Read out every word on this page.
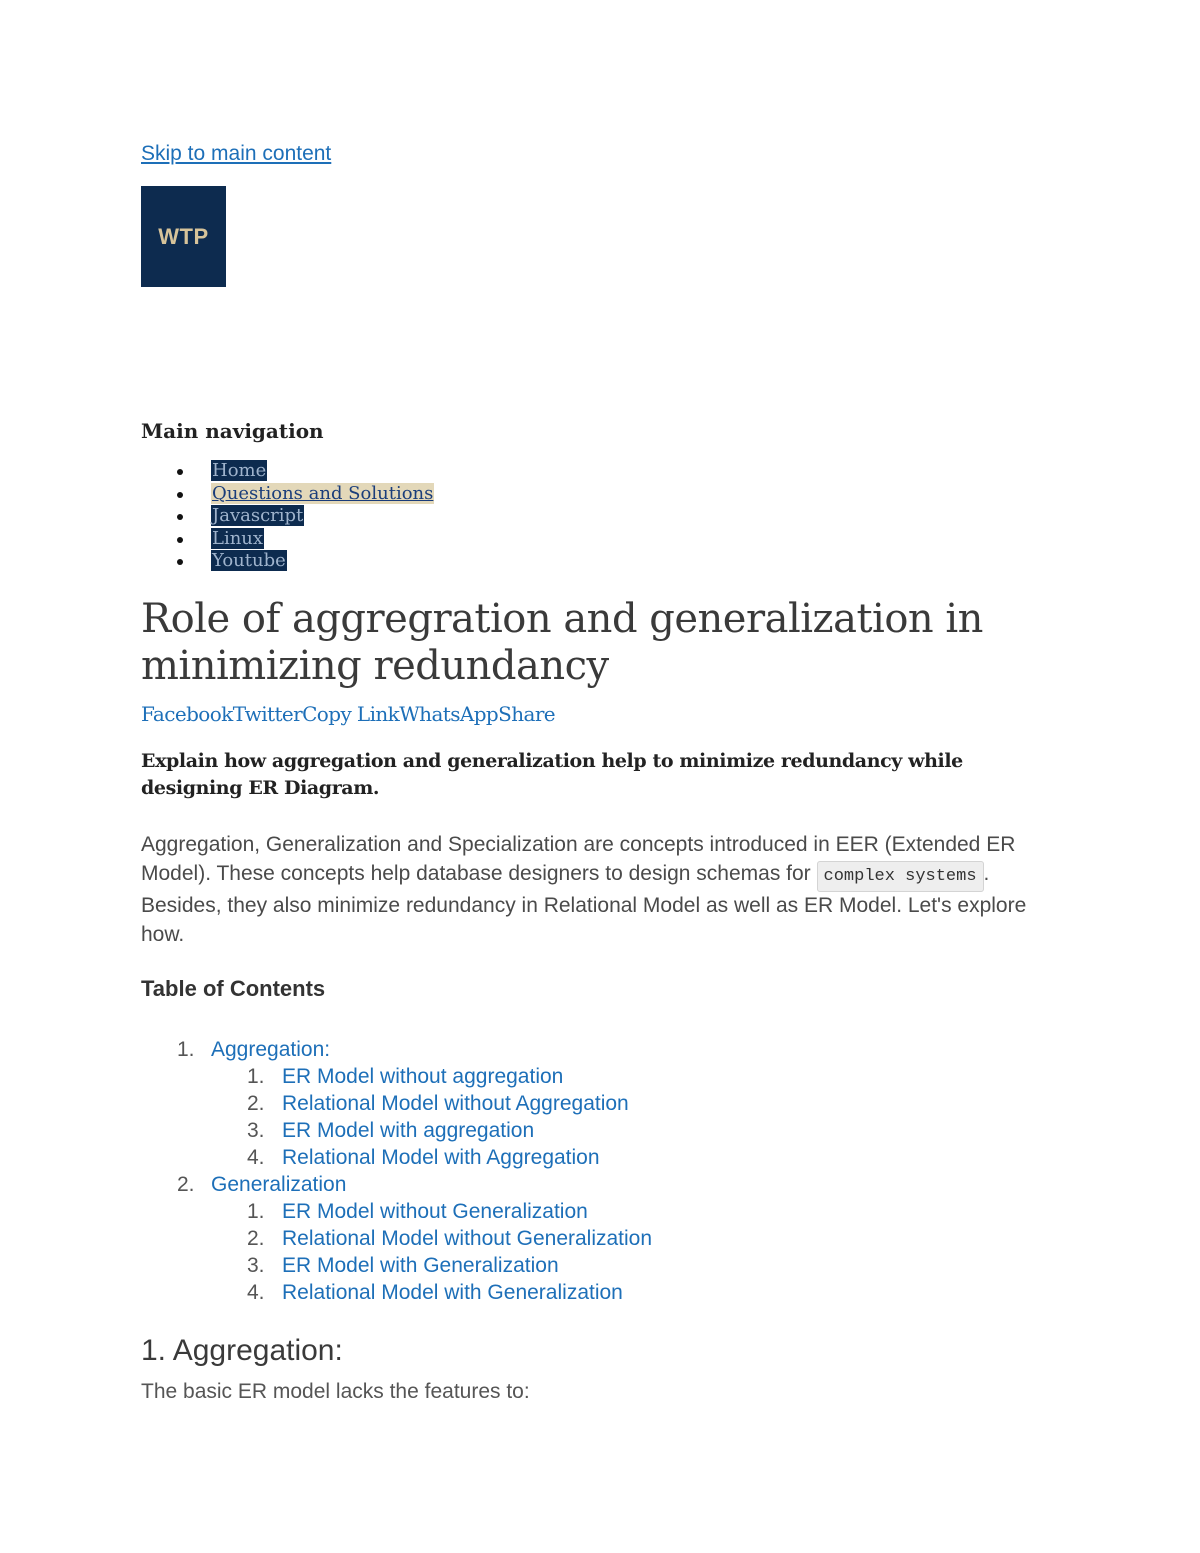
Skip to main content
WTP
Main navigation
Home
Questions and Solutions
Javascript
Linux
Youtube
Role of aggregration and generalization in minimizing redundancy
FacebookTwitterCopy LinkWhatsAppShare
Explain how aggregation and generalization help to minimize redundancy while designing ER Diagram.

Aggregation, Generalization and Specialization are concepts introduced in EER (Extended ER Model). These concepts help database designers to design schemas for complex systems . Besides, they also minimize redundancy in Relational Model as well as ER Model. Let's explore how.

Table of Contents
1. Aggregation:
1. ER Model without aggregation
2. Relational Model without Aggregation
3. ER Model with aggregation
4. Relational Model with Aggregation
2. Generalization
1. ER Model without Generalization
2. Relational Model without Generalization
3. ER Model with Generalization
4. Relational Model with Generalization
1. Aggregation:

The basic ER model lacks the features to:
